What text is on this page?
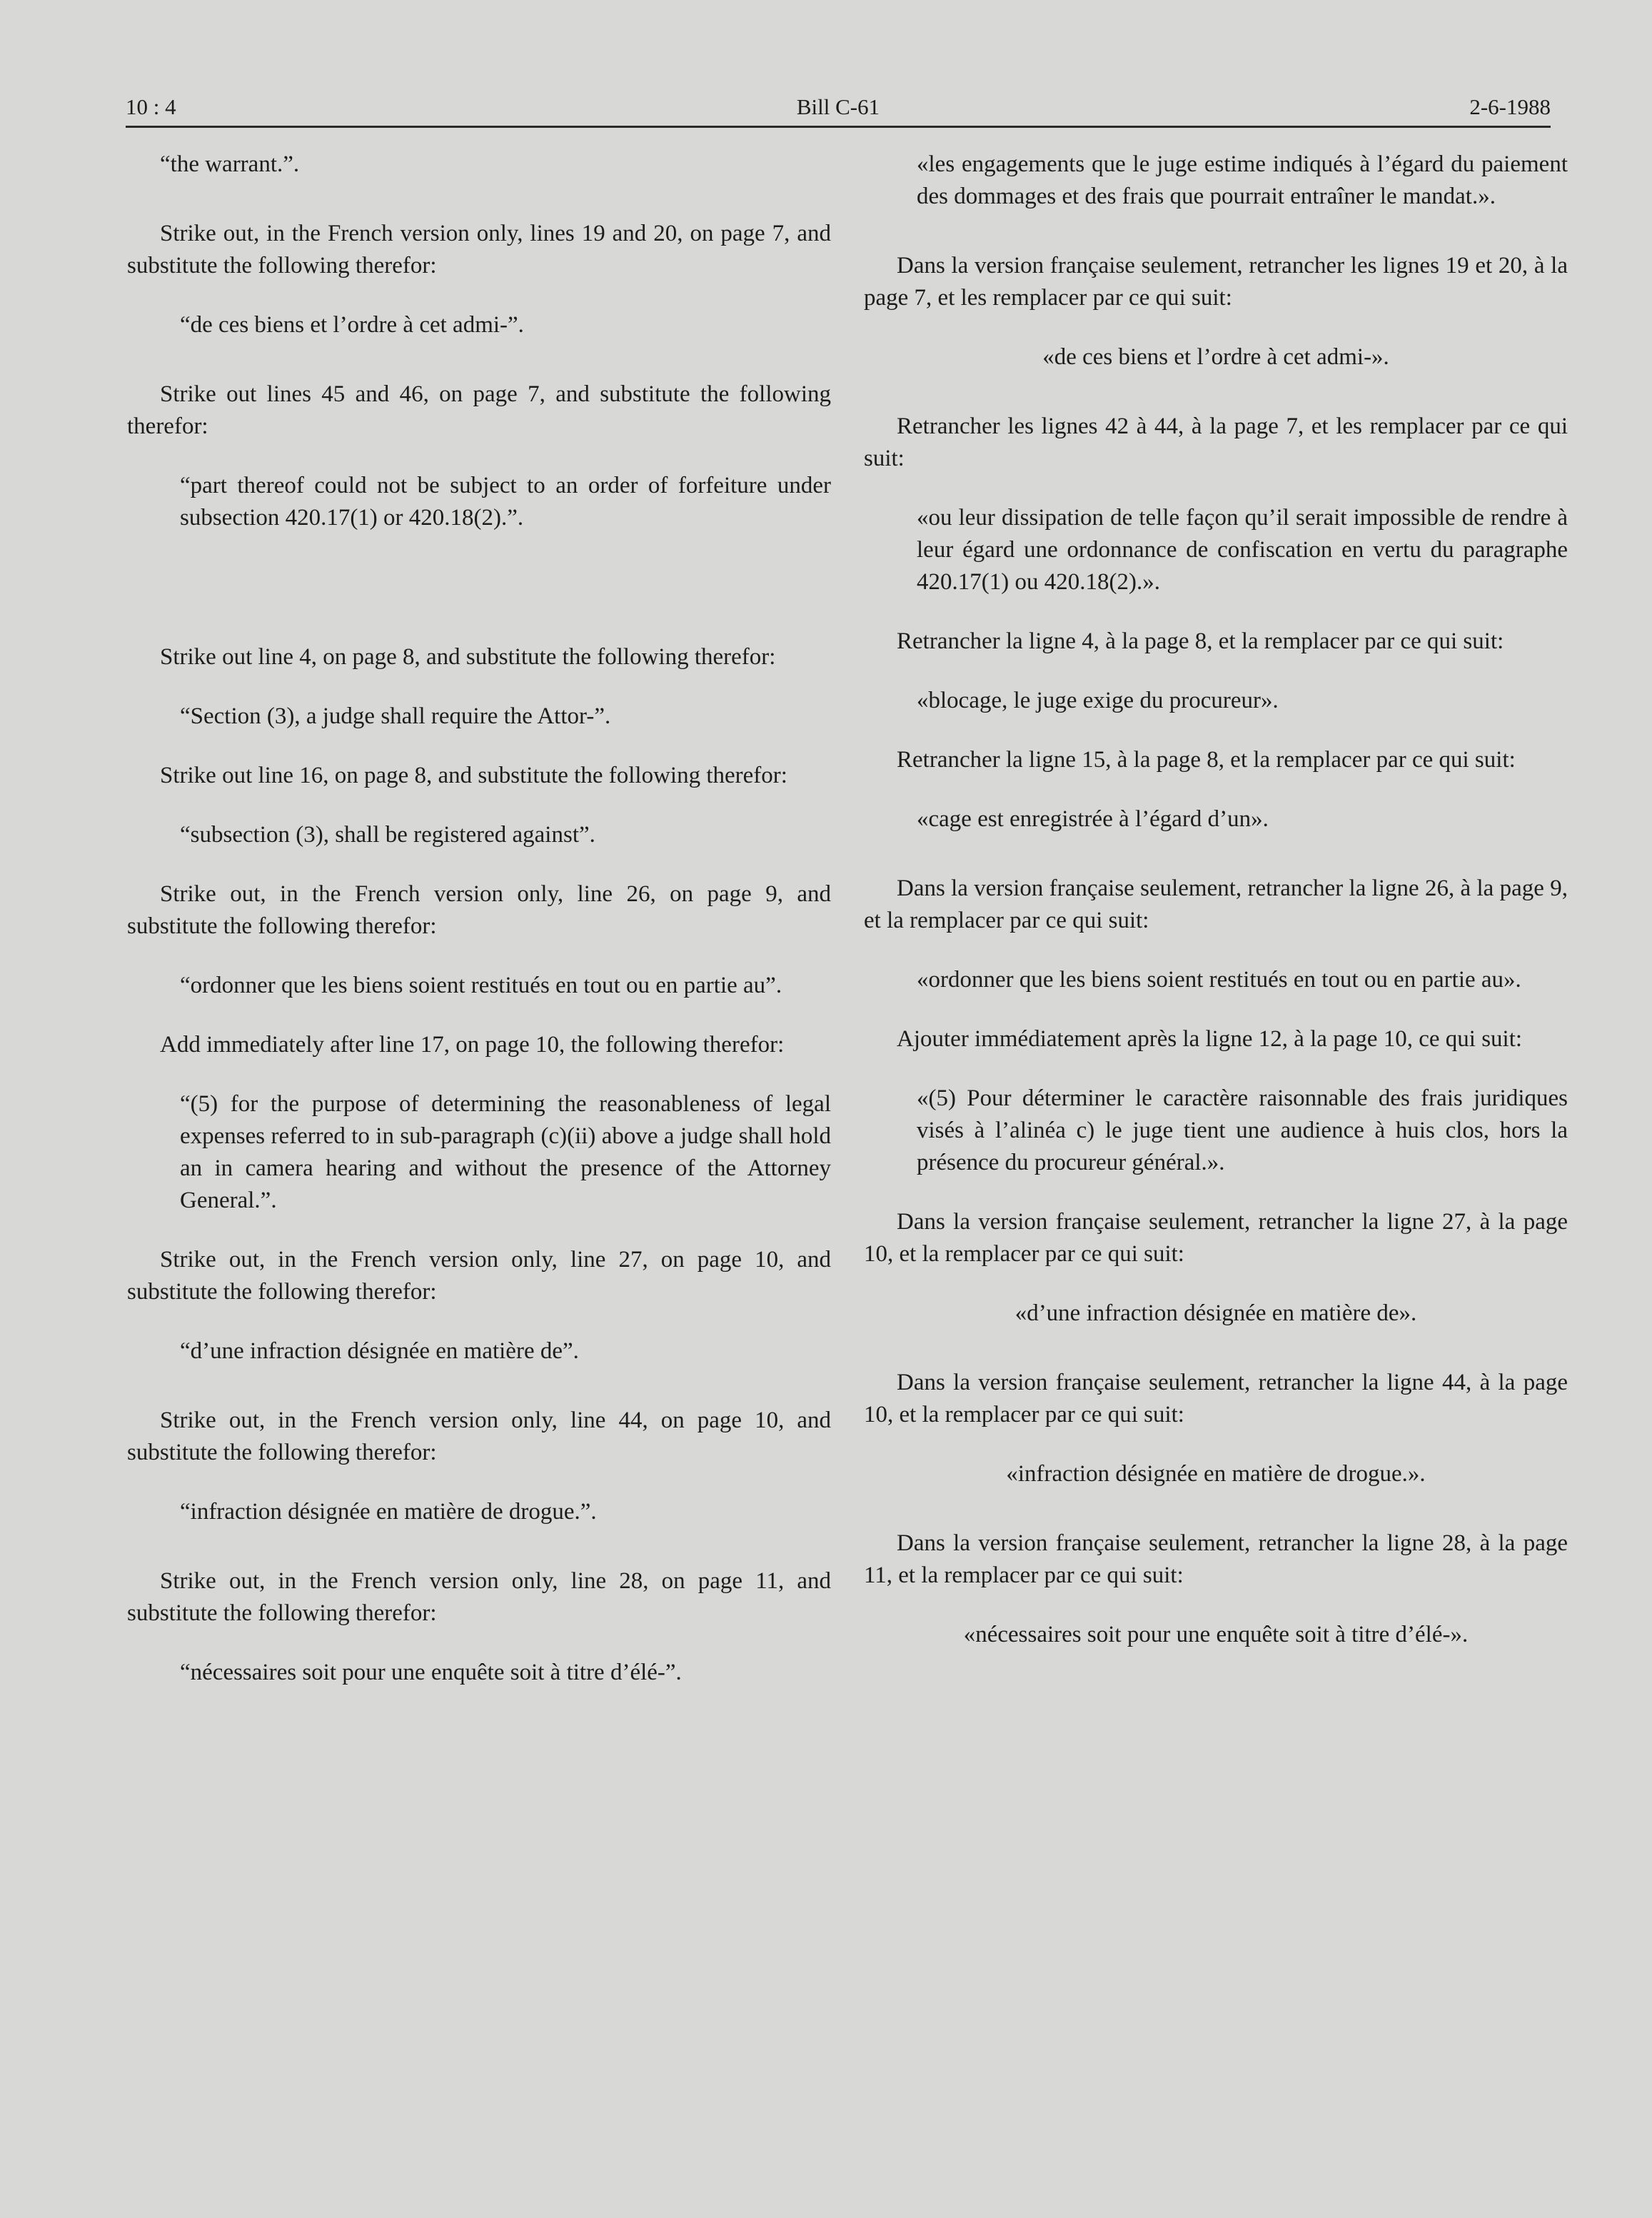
10 : 4	Bill C-61	2-6-1988

“the warrant.”.

Strike out, in the French version only, lines 19 and 20, on page 7, and substitute the following therefor:

“de ces biens et l’ordre à cet admi-”.

Strike out lines 45 and 46, on page 7, and substitute the following therefor:

“part thereof could not be subject to an order of forfeiture under subsection 420.17(1) or 420.18(2).”.

Strike out line 4, on page 8, and substitute the following therefor:

“Section (3), a judge shall require the Attor-”.

Strike out line 16, on page 8, and substitute the following therefor:

“subsection (3), shall be registered against”.

Strike out, in the French version only, line 26, on page 9, and substitute the following therefor:

“ordonner que les biens soient restitués en tout ou en partie au”.

Add immediately after line 17, on page 10, the following therefor:

“(5) for the purpose of determining the reasonableness of legal expenses referred to in sub-paragraph (c)(ii) above a judge shall hold an in camera hearing and without the presence of the Attorney General.”.

Strike out, in the French version only, line 27, on page 10, and substitute the following therefor:

“d’une infraction désignée en matière de”.

Strike out, in the French version only, line 44, on page 10, and substitute the following therefor:

“infraction désignée en matière de drogue.”.

Strike out, in the French version only, line 28, on page 11, and substitute the following therefor:

“nécessaires soit pour une enquête soit à titre d’élé-”.

«les engagements que le juge estime indiqués à l’égard du paiement des dommages et des frais que pourrait entraîner le mandat.».

Dans la version française seulement, retrancher les lignes 19 et 20, à la page 7, et les remplacer par ce qui suit:

«de ces biens et l’ordre à cet admi-».

Retrancher les lignes 42 à 44, à la page 7, et les remplacer par ce qui suit:

«ou leur dissipation de telle façon qu’il serait impossible de rendre à leur égard une ordonnance de confiscation en vertu du paragraphe 420.17(1) ou 420.18(2).».

Retrancher la ligne 4, à la page 8, et la remplacer par ce qui suit:

«blocage, le juge exige du procureur».

Retrancher la ligne 15, à la page 8, et la remplacer par ce qui suit:

«cage est enregistrée à l’égard d’un».

Dans la version française seulement, retrancher la ligne 26, à la page 9, et la remplacer par ce qui suit:

«ordonner que les biens soient restitués en tout ou en partie au».

Ajouter immédiatement après la ligne 12, à la page 10, ce qui suit:

«(5) Pour déterminer le caractère raisonnable des frais juridiques visés à l’alinéa c) le juge tient une audience à huis clos, hors la présence du procureur général.».

Dans la version française seulement, retrancher la ligne 27, à la page 10, et la remplacer par ce qui suit:

«d’une infraction désignée en matière de».

Dans la version française seulement, retrancher la ligne 44, à la page 10, et la remplacer par ce qui suit:

«infraction désignée en matière de drogue.».

Dans la version française seulement, retrancher la ligne 28, à la page 11, et la remplacer par ce qui suit:

«nécessaires soit pour une enquête soit à titre d’élé-».
